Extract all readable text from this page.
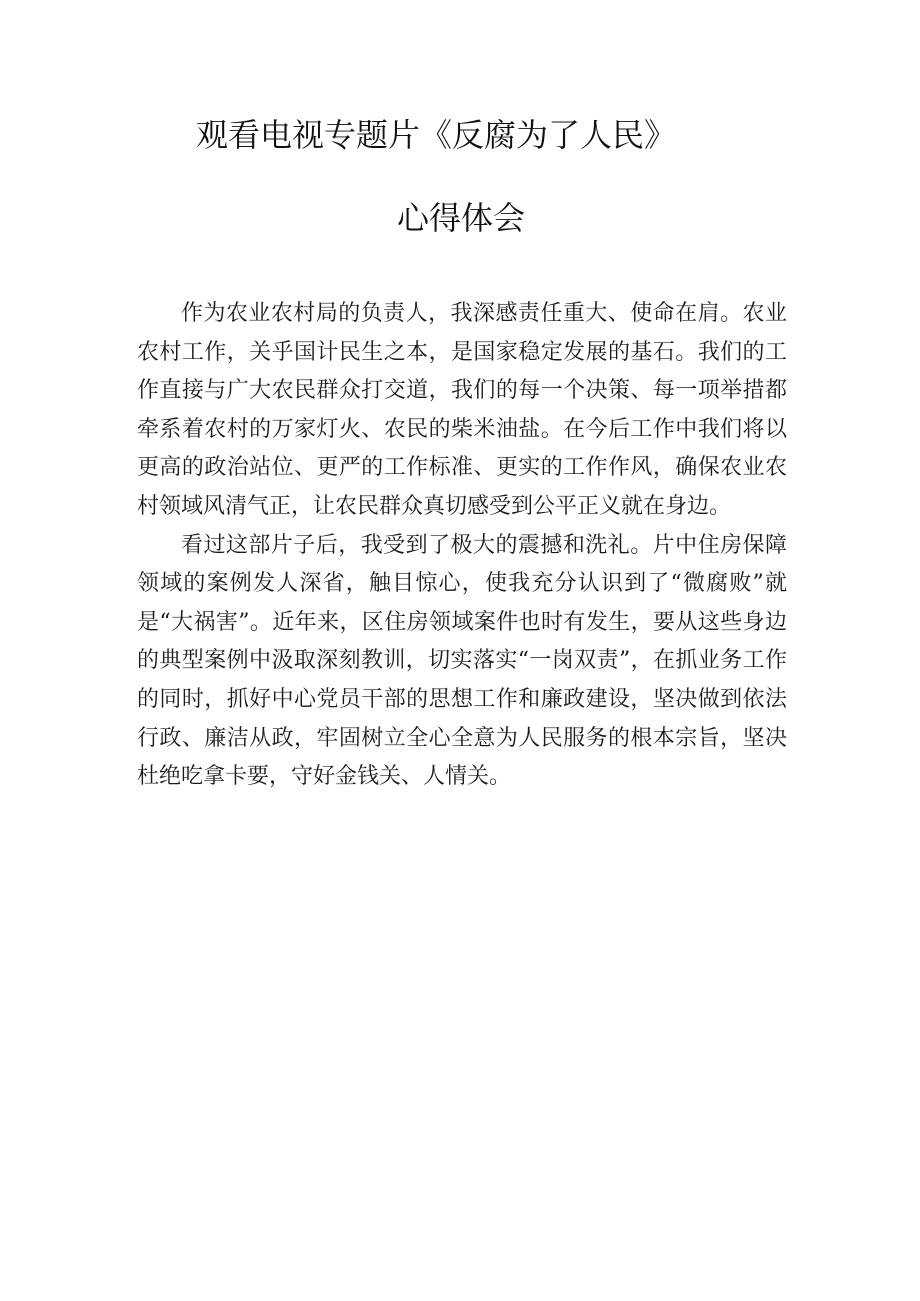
观看电视专题片《反腐为了人民》
心得体会

作为农业农村局的负责人，我深感责任重大、使命在肩。农业农村工作，关乎国计民生之本，是国家稳定发展的基石。我们的工作直接与广大农民群众打交道，我们的每一个决策、每一项举措都牵系着农村的万家灯火、农民的柴米油盐。在今后工作中我们将以更高的政治站位、更严的工作标准、更实的工作作风，确保农业农村领域风清气正，让农民群众真切感受到公平正义就在身边。

看过这部片子后，我受到了极大的震撼和洗礼。片中住房保障领域的案例发人深省，触目惊心，使我充分认识到了“微腐败”就是“大祸害”。近年来，区住房领域案件也时有发生，要从这些身边的典型案例中汲取深刻教训，切实落实“一岗双责”，在抓业务工作的同时，抓好中心党员干部的思想工作和廉政建设，坚决做到依法行政、廉洁从政，牢固树立全心全意为人民服务的根本宗旨，坚决杜绝吃拿卡要，守好金钱关、人情关。
